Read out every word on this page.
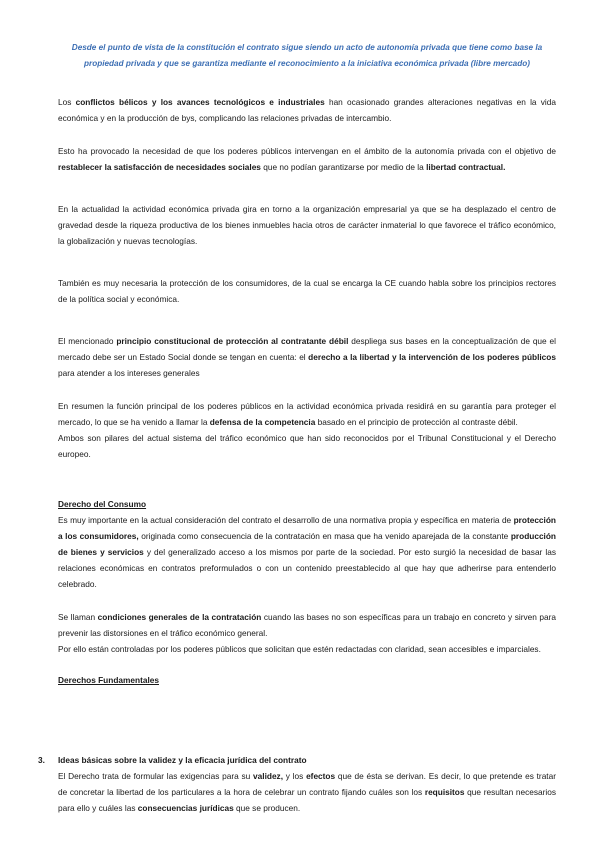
Desde el punto de vista de la constitución el contrato sigue siendo un acto de autonomía privada que tiene como base la propiedad privada y que se garantiza mediante el reconocimiento a la iniciativa económica privada (libre mercado)

Los conflictos bélicos y los avances tecnológicos e industriales han ocasionado grandes alteraciones negativas en la vida económica y en la producción de bys, complicando las relaciones privadas de intercambio.

Esto ha provocado la necesidad de que los poderes públicos intervengan en el ámbito de la autonomía privada con el objetivo de restablecer la satisfacción de necesidades sociales que no podían garantizarse por medio de la libertad contractual.

En la actualidad la actividad económica privada gira en torno a la organización empresarial ya que se ha desplazado el centro de gravedad desde la riqueza productiva de los bienes inmuebles hacia otros de carácter inmaterial lo que favorece el tráfico económico, la globalización y nuevas tecnologías.

También es muy necesaria la protección de los consumidores, de la cual se encarga la CE cuando habla sobre los principios rectores de la política social y económica.

El mencionado principio constitucional de protección al contratante débil despliega sus bases en la conceptualización de que el mercado debe ser un Estado Social donde se tengan en cuenta: el derecho a la libertad y la intervención de los poderes públicos para atender a los intereses generales

En resumen la función principal de los poderes públicos en la actividad económica privada residirá en su garantía para proteger el mercado, lo que se ha venido a llamar la defensa de la competencia basado en el principio de protección al contraste débil.

Ambos son pilares del actual sistema del tráfico económico que han sido reconocidos por el Tribunal Constitucional y el Derecho europeo.

Derecho del Consumo

Es muy importante en la actual consideración del contrato el desarrollo de una normativa propia y específica en materia de protección a los consumidores, originada como consecuencia de la contratación en masa que ha venido aparejada de la constante producción de bienes y servicios y del generalizado acceso a los mismos por parte de la sociedad. Por esto surgió la necesidad de basar las relaciones económicas en contratos preformulados o con un contenido preestablecido al que hay que adherirse para entenderlo celebrado.

Se llaman condiciones generales de la contratación cuando las bases no son específicas para un trabajo en concreto y sirven para prevenir las distorsiones en el tráfico económico general.

Por ello están controladas por los poderes públicos que solicitan que estén redactadas con claridad, sean accesibles e imparciales.

Derechos Fundamentales
3. Ideas básicas sobre la validez y la eficacia jurídica del contrato

El Derecho trata de formular las exigencias para su validez, y los efectos que de ésta se derivan. Es decir, lo que pretende es tratar de concretar la libertad de los particulares a la hora de celebrar un contrato fijando cuáles son los requisitos que resultan necesarios para ello y cuáles las consecuencias jurídicas que se producen.
